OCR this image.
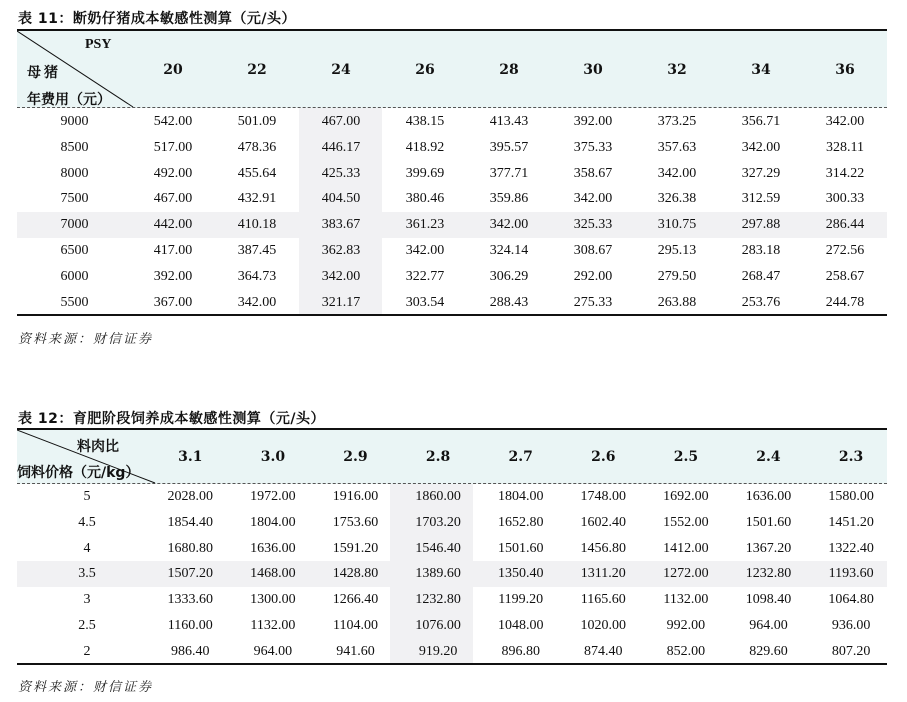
表 11：断奶仔猪成本敏感性测算（元/头）
PSY
母猪
年费用（元）
20	22	24	26	28	30	32	34	36
9000	542.00	501.09	467.00	438.15	413.43	392.00	373.25	356.71	342.00
8500	517.00	478.36	446.17	418.92	395.57	375.33	357.63	342.00	328.11
8000	492.00	455.64	425.33	399.69	377.71	358.67	342.00	327.29	314.22
7500	467.00	432.91	404.50	380.46	359.86	342.00	326.38	312.59	300.33
7000	442.00	410.18	383.67	361.23	342.00	325.33	310.75	297.88	286.44
6500	417.00	387.45	362.83	342.00	324.14	308.67	295.13	283.18	272.56
6000	392.00	364.73	342.00	322.77	306.29	292.00	279.50	268.47	258.67
5500	367.00	342.00	321.17	303.54	288.43	275.33	263.88	253.76	244.78
资料来源：财信证券
表 12：育肥阶段饲养成本敏感性测算（元/头）
料肉比
饲料价格（元/kg）
3.1	3.0	2.9	2.8	2.7	2.6	2.5	2.4	2.3
5	2028.00	1972.00	1916.00	1860.00	1804.00	1748.00	1692.00	1636.00	1580.00
4.5	1854.40	1804.00	1753.60	1703.20	1652.80	1602.40	1552.00	1501.60	1451.20
4	1680.80	1636.00	1591.20	1546.40	1501.60	1456.80	1412.00	1367.20	1322.40
3.5	1507.20	1468.00	1428.80	1389.60	1350.40	1311.20	1272.00	1232.80	1193.60
3	1333.60	1300.00	1266.40	1232.80	1199.20	1165.60	1132.00	1098.40	1064.80
2.5	1160.00	1132.00	1104.00	1076.00	1048.00	1020.00	992.00	964.00	936.00
2	986.40	964.00	941.60	919.20	896.80	874.40	852.00	829.60	807.20
资料来源：财信证券
